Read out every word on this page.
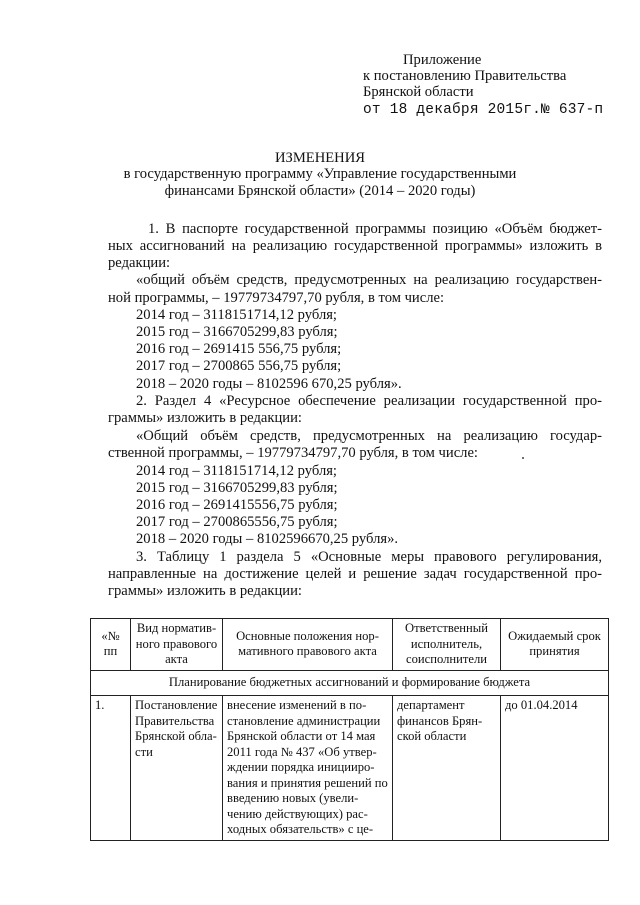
Приложение
к постановлению Правительства
Брянской области
от 18 декабря 2015г.№ 637-п
ИЗМЕНЕНИЯ
в государственную программу «Управление государственными
финансами Брянской области» (2014 – 2020 годы)
1. В паспорте государственной программы позицию «Объём бюджет-
ных ассигнований на реализацию государственной программы» изложить в
редакции:
«общий объём средств, предусмотренных на реализацию государствен-
ной программы, – 19779734797,70 рубля, в том числе:
2014 год – 3118151714,12 рубля;
2015 год – 3166705299,83 рубля;
2016 год – 2691415 556,75 рубля;
2017 год – 2700865 556,75 рубля;
2018 – 2020 годы – 8102596 670,25 рубля».
2. Раздел 4 «Ресурсное обеспечение реализации государственной про-
граммы» изложить в редакции:
«Общий объём средств, предусмотренных на реализацию государ-
ственной программы, – 19779734797,70 рубля, в том числе:
2014 год – 3118151714,12 рубля;
2015 год – 3166705299,83 рубля;
2016 год – 2691415556,75 рубля;
2017 год – 2700865556,75 рубля;
2018 – 2020 годы – 8102596670,25 рубля».
3. Таблицу 1 раздела 5 «Основные меры правового регулирования,
направленные на достижение целей и решение задач государственной про-
граммы» изложить в редакции:
«№ пп	Вид норматив-ного правового акта	Основные положения нор-мативного правового акта	Ответственный исполнитель, соисполнители	Ожидаемый срок принятия
Планирование бюджетных ассигнований и формирование бюджета				
1.	Постановление Правительства Брянской обла-сти	внесение изменений в по-становление администрации Брянской области от 14 мая 2011 года № 437 «Об утвер-ждении порядка иницииро-вания и принятия решений по введению новых (увели-чению действующих) рас-ходных обязательств» с це-	департамент финансов Брян-ской области	до 01.04.2014
